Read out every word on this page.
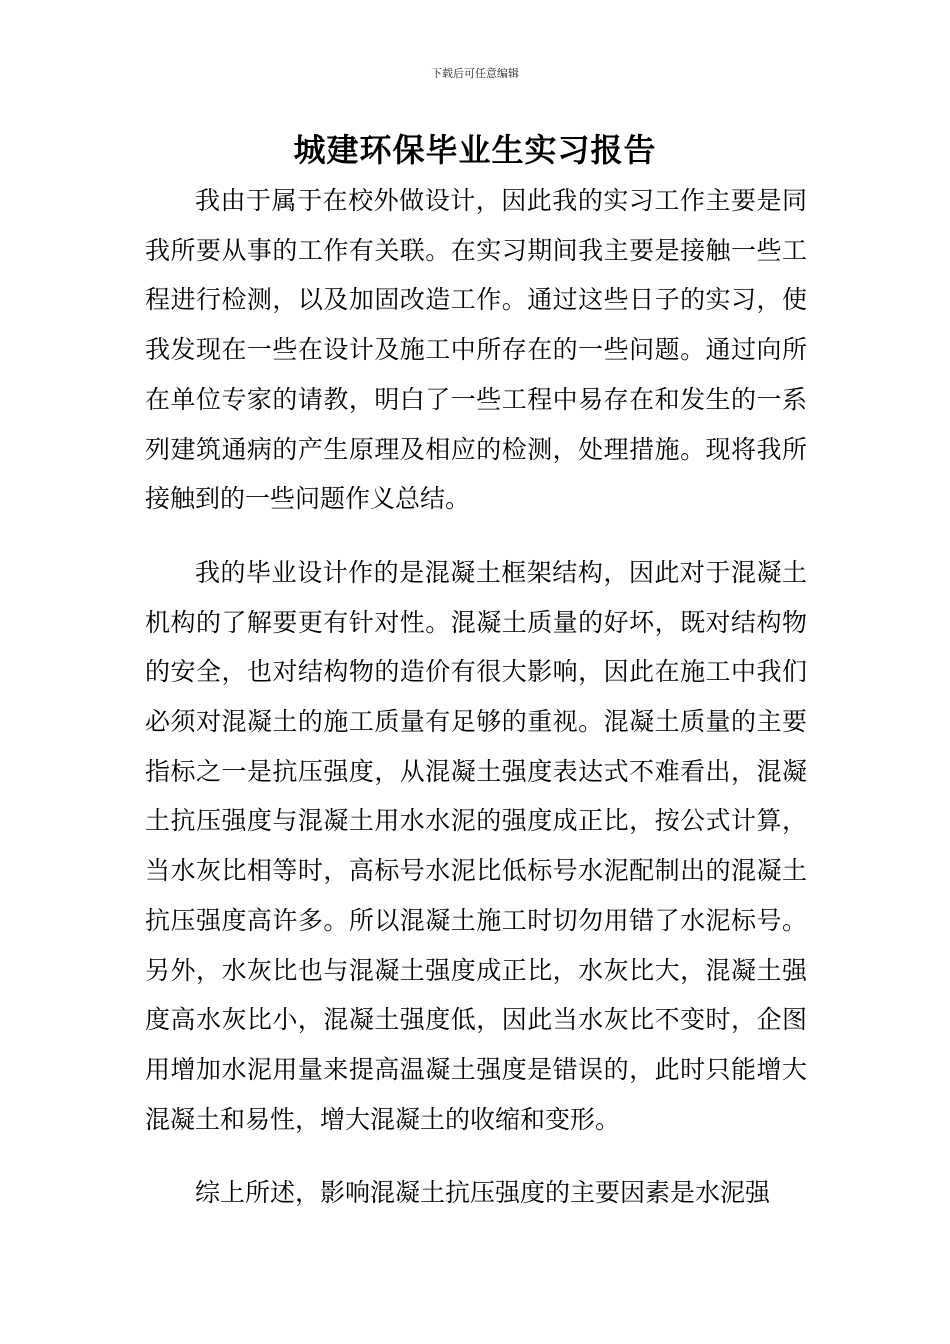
下载后可任意编辑
城建环保毕业生实习报告

我由于属于在校外做设计，因此我的实习工作主要是同我所要从事的工作有关联。在实习期间我主要是接触一些工程进行检测，以及加固改造工作。通过这些日子的实习，使我发现在一些在设计及施工中所存在的一些问题。通过向所在单位专家的请教，明白了一些工程中易存在和发生的一系列建筑通病的产生原理及相应的检测，处理措施。现将我所接触到的一些问题作义总结。

我的毕业设计作的是混凝土框架结构，因此对于混凝土机构的了解要更有针对性。混凝土质量的好坏，既对结构物的安全，也对结构物的造价有很大影响，因此在施工中我们必须对混凝土的施工质量有足够的重视。混凝土质量的主要指标之一是抗压强度，从混凝土强度表达式不难看出，混凝土抗压强度与混凝土用水水泥的强度成正比，按公式计算，当水灰比相等时，高标号水泥比低标号水泥配制出的混凝土抗压强度高许多。所以混凝土施工时切勿用错了水泥标号。另外，水灰比也与混凝土强度成正比，水灰比大，混凝土强度高水灰比小，混凝土强度低，因此当水灰比不变时，企图用增加水泥用量来提高温凝土强度是错误的，此时只能增大混凝土和易性，增大混凝土的收缩和变形。

综上所述，影响混凝土抗压强度的主要因素是水泥强
